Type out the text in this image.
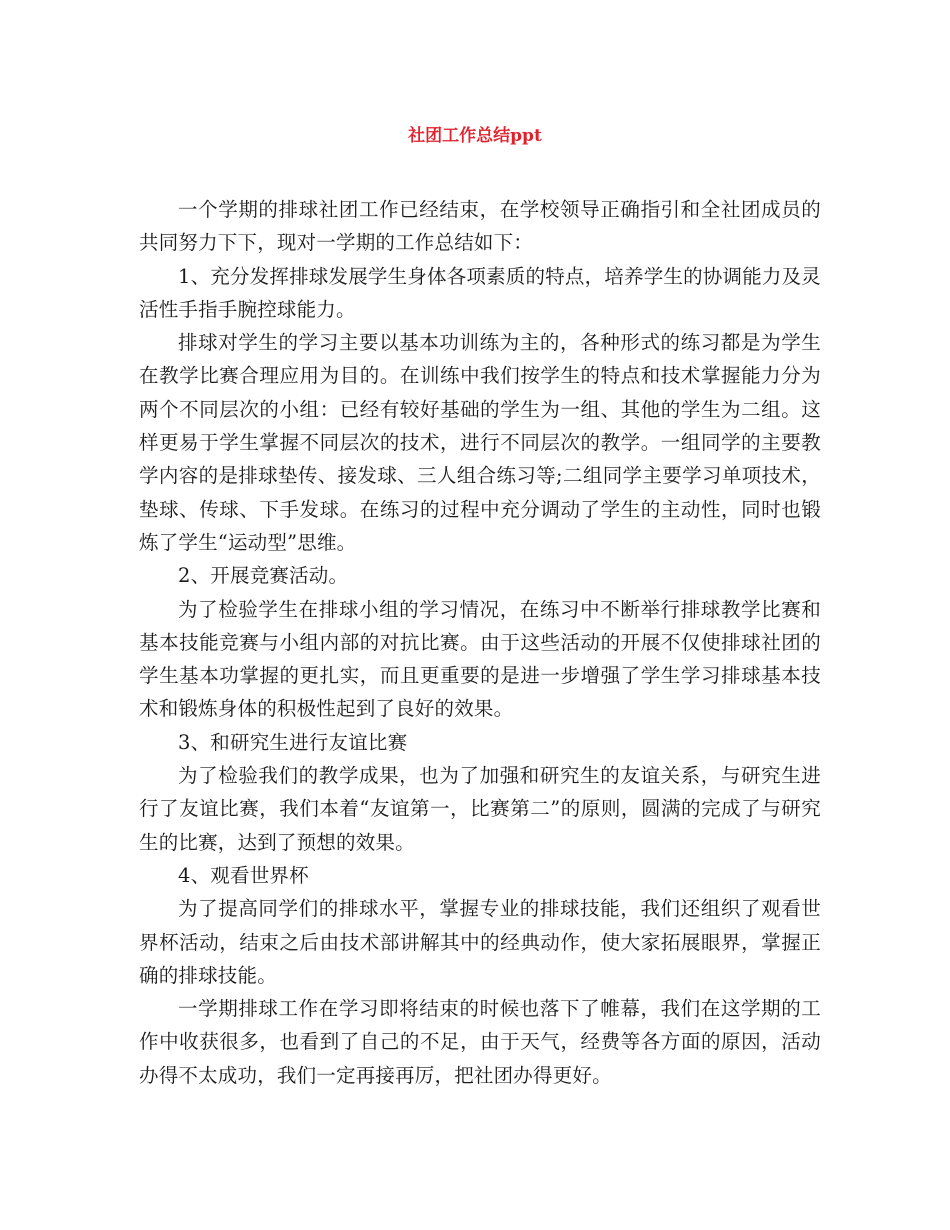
社团工作总结ppt

一个学期的排球社团工作已经结束，在学校领导正确指引和全社团成员的共同努力下下，现对一学期的工作总结如下：

1、充分发挥排球发展学生身体各项素质的特点，培养学生的协调能力及灵活性手指手腕控球能力。

排球对学生的学习主要以基本功训练为主的，各种形式的练习都是为学生在教学比赛合理应用为目的。在训练中我们按学生的特点和技术掌握能力分为两个不同层次的小组：已经有较好基础的学生为一组、其他的学生为二组。这样更易于学生掌握不同层次的技术，进行不同层次的教学。一组同学的主要教学内容的是排球垫传、接发球、三人组合练习等;二组同学主要学习单项技术，垫球、传球、下手发球。在练习的过程中充分调动了学生的主动性，同时也锻炼了学生“运动型”思维。

2、开展竞赛活动。

为了检验学生在排球小组的学习情况，在练习中不断举行排球教学比赛和基本技能竞赛与小组内部的对抗比赛。由于这些活动的开展不仅使排球社团的学生基本功掌握的更扎实，而且更重要的是进一步增强了学生学习排球基本技术和锻炼身体的积极性起到了良好的效果。

3、和研究生进行友谊比赛

为了检验我们的教学成果，也为了加强和研究生的友谊关系，与研究生进行了友谊比赛，我们本着“友谊第一，比赛第二”的原则，圆满的完成了与研究生的比赛，达到了预想的效果。

4、观看世界杯

为了提高同学们的排球水平，掌握专业的排球技能，我们还组织了观看世界杯活动，结束之后由技术部讲解其中的经典动作，使大家拓展眼界，掌握正确的排球技能。

一学期排球工作在学习即将结束的时候也落下了帷幕，我们在这学期的工作中收获很多，也看到了自己的不足，由于天气，经费等各方面的原因，活动办得不太成功，我们一定再接再厉，把社团办得更好。
